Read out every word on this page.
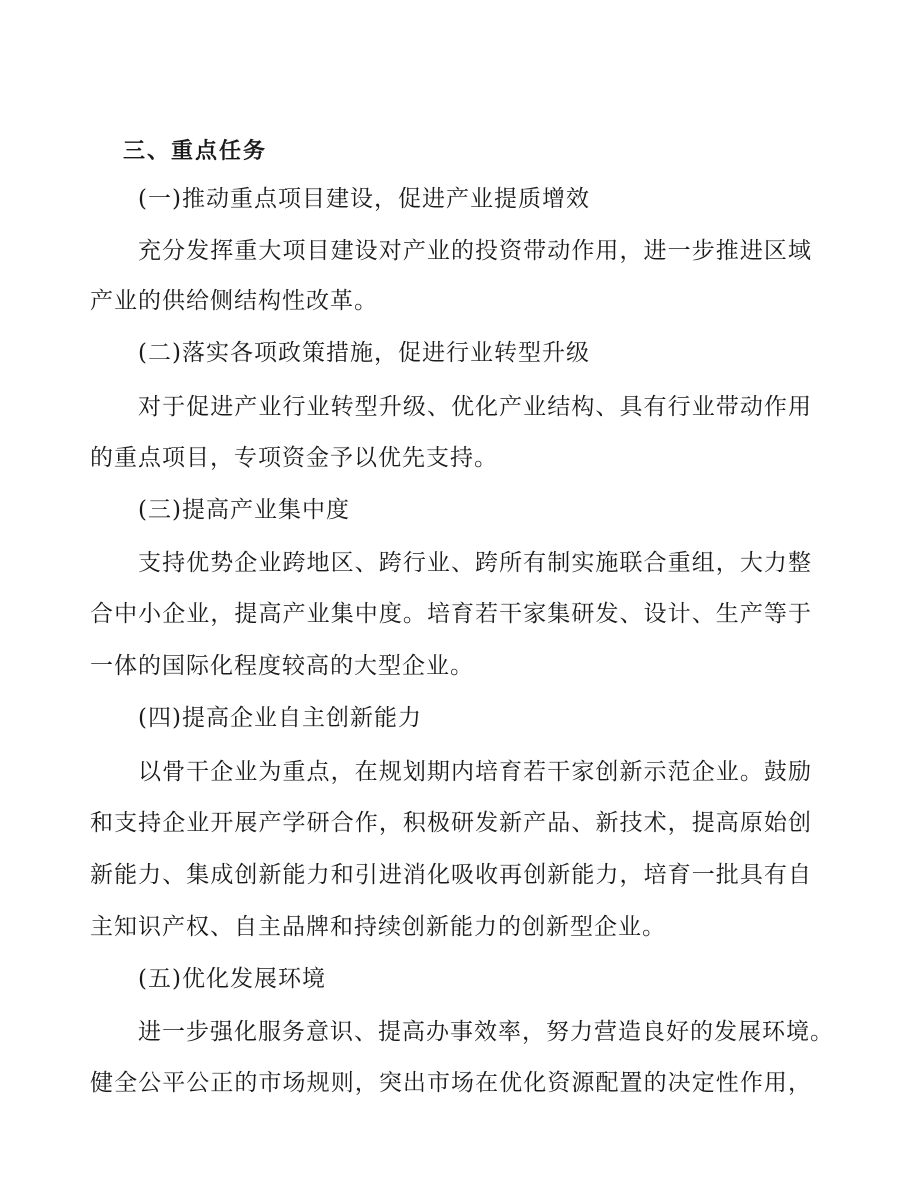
三、重点任务
(一)推动重点项目建设，促进产业提质增效
充分发挥重大项目建设对产业的投资带动作用，进一步推进区域
产业的供给侧结构性改革。
(二)落实各项政策措施，促进行业转型升级
对于促进产业行业转型升级、优化产业结构、具有行业带动作用
的重点项目，专项资金予以优先支持。
(三)提高产业集中度
支持优势企业跨地区、跨行业、跨所有制实施联合重组，大力整
合中小企业，提高产业集中度。培育若干家集研发、设计、生产等于
一体的国际化程度较高的大型企业。
(四)提高企业自主创新能力
以骨干企业为重点，在规划期内培育若干家创新示范企业。鼓励
和支持企业开展产学研合作，积极研发新产品、新技术，提高原始创
新能力、集成创新能力和引进消化吸收再创新能力，培育一批具有自
主知识产权、自主品牌和持续创新能力的创新型企业。
(五)优化发展环境
进一步强化服务意识、提高办事效率，努力营造良好的发展环境。
健全公平公正的市场规则，突出市场在优化资源配置的决定性作用，
